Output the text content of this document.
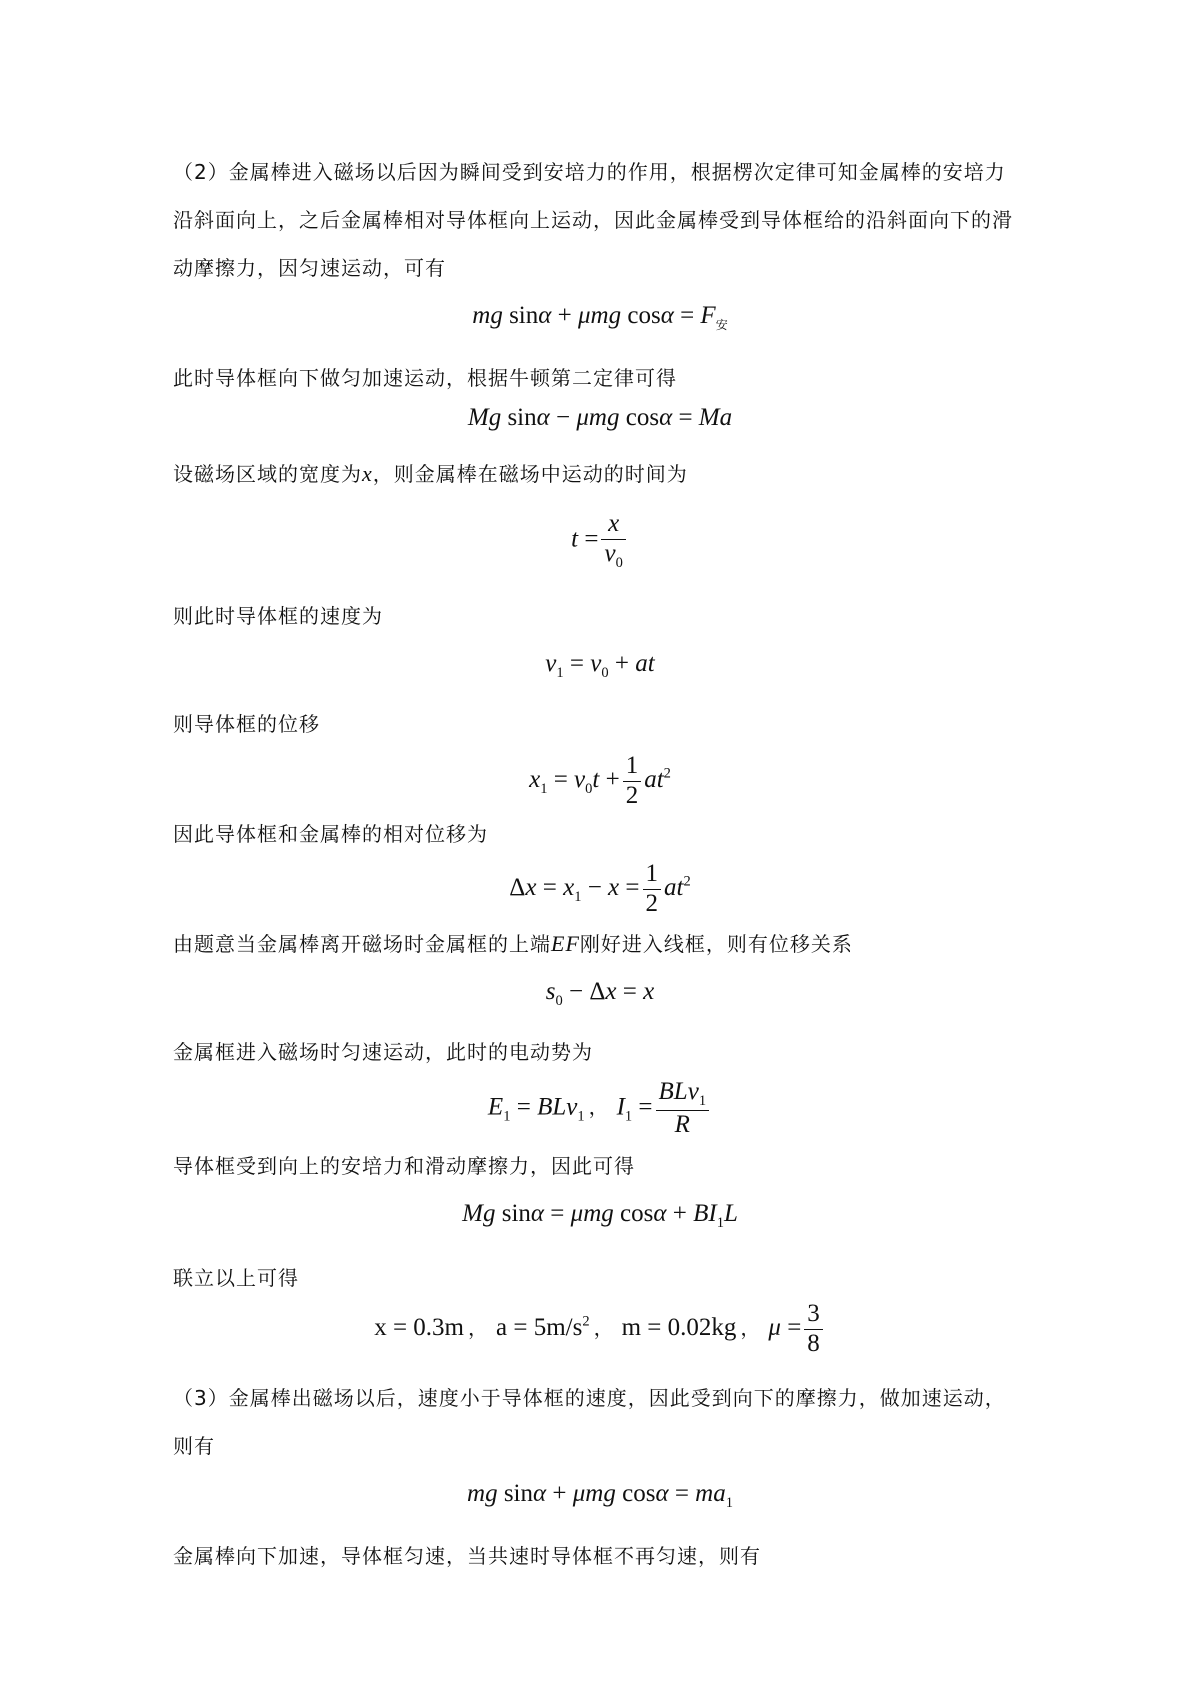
（2）金属棒进入磁场以后因为瞬间受到安培力的作用，根据楞次定律可知金属棒的安培力

沿斜面向上，之后金属棒相对导体框向上运动，因此金属棒受到导体框给的沿斜面向下的滑

动摩擦力，因匀速运动，可有

mg sinα + μmg $\cos\alpha = F_安$

此时导体框向下做匀加速运动，根据牛顿第二定律可得

Mg sinα − μmg cosα = Ma

设磁场区域的宽度为x，则金属棒在磁场中运动的时间为

$t = \frac{x}{v_0}$

则此时导体框的速度为

$v_1 = v_0$ + at

则导体框的位移

$x_1 = v_0t + \frac{1}{2} at^2$

因此导体框和金属棒的相对位移为

$\Delta x = x_1 - x = \frac{1}{2} at^2$

由题意当金属棒离开磁场时金属框的上端EF刚好进入线框，则有位移关系

$s_0 - \Delta x = x$

金属框进入磁场时匀速运动，此时的电动势为

$E_1 = BLv_1$ ， $I_1 = \frac{BLv_1}{R}$

导体框受到向上的安培力和滑动摩擦力，因此可得

Mg sinα = μmg $\cos\alpha + BI_1L$

联立以上可得

x = 0.3m ， $a = 5m/s^2$ ， m = 0.02kg ， $\mu = \frac{3}{8}$

（3）金属棒出磁场以后，速度小于导体框的速度，因此受到向下的摩擦力，做加速运动，

则有

mg sinα + μmg $\cos\alpha = ma_1$

金属棒向下加速，导体框匀速，当共速时导体框不再匀速，则有
